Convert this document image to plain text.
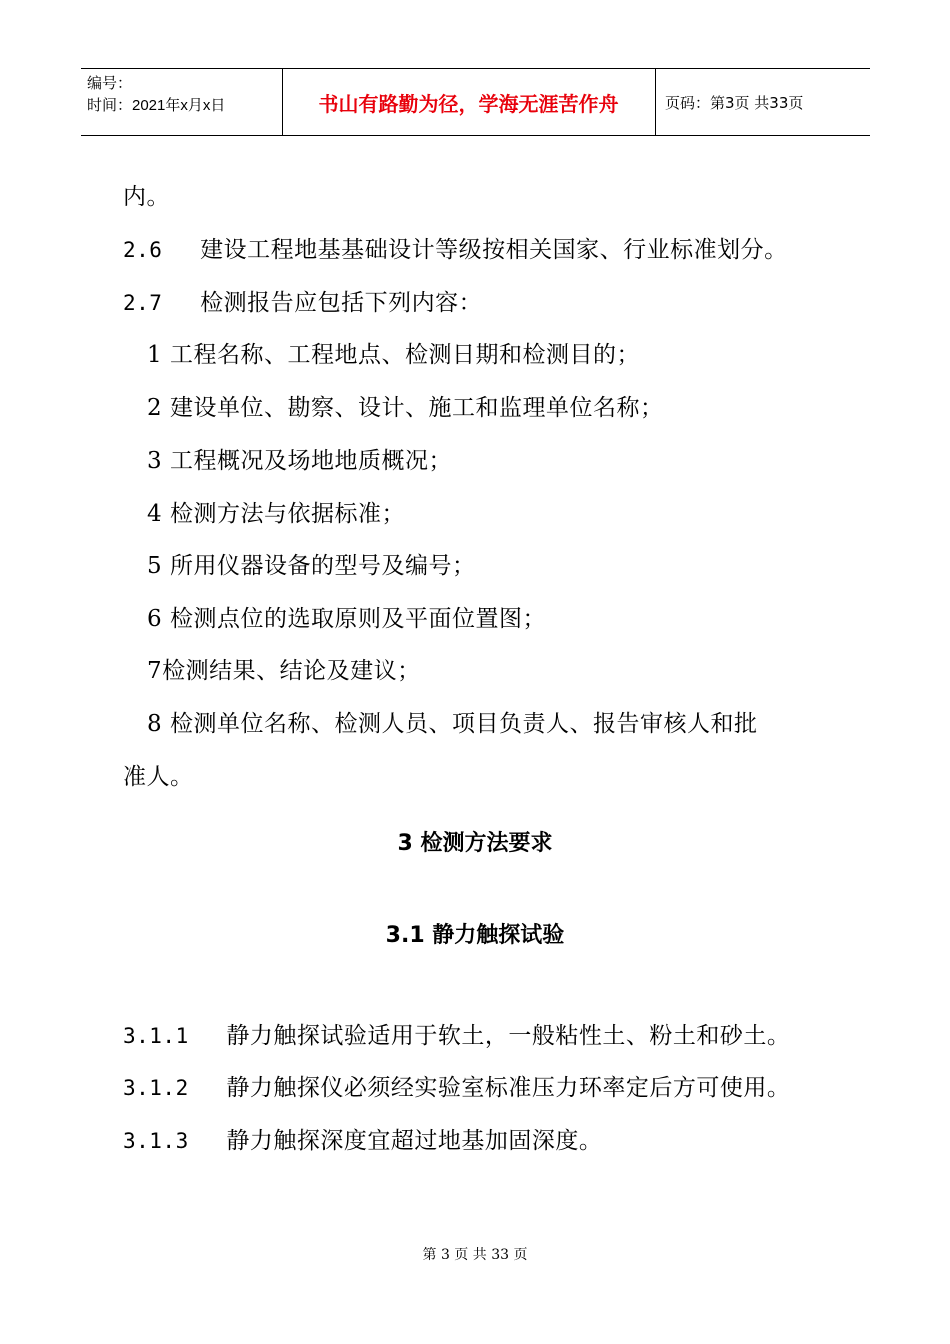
编号：
时间：2021年x月x日	书山有路勤为径，学海无涯苦作舟	页码：第3页 共33页
内。
2.6 建设工程地基基础设计等级按相关国家、行业标准划分。
2.7 检测报告应包括下列内容：
1 工程名称、工程地点、检测日期和检测目的；
2 建设单位、勘察、设计、施工和监理单位名称；
3 工程概况及场地地质概况；
4 检测方法与依据标准；
5 所用仪器设备的型号及编号；
6 检测点位的选取原则及平面位置图；
7检测结果、结论及建议；
8 检测单位名称、检测人员、项目负责人、报告审核人和批
准人。
3 检测方法要求
3.1 静力触探试验
3.1.1 静力触探试验适用于软土，一般粘性土、粉土和砂土。
3.1.2 静力触探仪必须经实验室标准压力环率定后方可使用。
3.1.3 静力触探深度宜超过地基加固深度。
第 3 页 共 33 页
